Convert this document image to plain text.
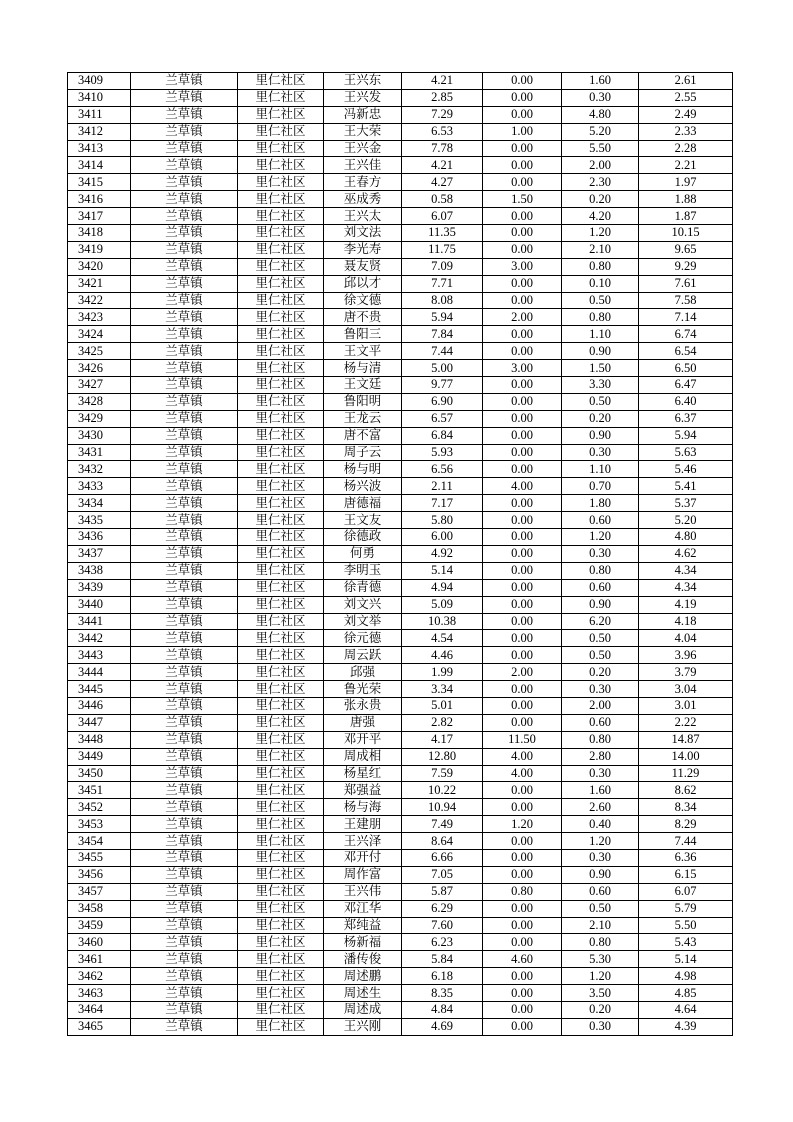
3409	兰草镇	里仁社区	王兴东	4.21	0.00	1.60	2.61
3410	兰草镇	里仁社区	王兴发	2.85	0.00	0.30	2.55
3411	兰草镇	里仁社区	冯新忠	7.29	0.00	4.80	2.49
3412	兰草镇	里仁社区	王大荣	6.53	1.00	5.20	2.33
3413	兰草镇	里仁社区	王兴金	7.78	0.00	5.50	2.28
3414	兰草镇	里仁社区	王兴佳	4.21	0.00	2.00	2.21
3415	兰草镇	里仁社区	王春方	4.27	0.00	2.30	1.97
3416	兰草镇	里仁社区	巫成秀	0.58	1.50	0.20	1.88
3417	兰草镇	里仁社区	王兴太	6.07	0.00	4.20	1.87
3418	兰草镇	里仁社区	刘文法	11.35	0.00	1.20	10.15
3419	兰草镇	里仁社区	李光寿	11.75	0.00	2.10	9.65
3420	兰草镇	里仁社区	聂友贤	7.09	3.00	0.80	9.29
3421	兰草镇	里仁社区	邱以才	7.71	0.00	0.10	7.61
3422	兰草镇	里仁社区	徐文德	8.08	0.00	0.50	7.58
3423	兰草镇	里仁社区	唐不贵	5.94	2.00	0.80	7.14
3424	兰草镇	里仁社区	鲁阳三	7.84	0.00	1.10	6.74
3425	兰草镇	里仁社区	王文平	7.44	0.00	0.90	6.54
3426	兰草镇	里仁社区	杨与清	5.00	3.00	1.50	6.50
3427	兰草镇	里仁社区	王文廷	9.77	0.00	3.30	6.47
3428	兰草镇	里仁社区	鲁阳明	6.90	0.00	0.50	6.40
3429	兰草镇	里仁社区	王龙云	6.57	0.00	0.20	6.37
3430	兰草镇	里仁社区	唐不富	6.84	0.00	0.90	5.94
3431	兰草镇	里仁社区	周子云	5.93	0.00	0.30	5.63
3432	兰草镇	里仁社区	杨与明	6.56	0.00	1.10	5.46
3433	兰草镇	里仁社区	杨兴波	2.11	4.00	0.70	5.41
3434	兰草镇	里仁社区	唐德福	7.17	0.00	1.80	5.37
3435	兰草镇	里仁社区	王文友	5.80	0.00	0.60	5.20
3436	兰草镇	里仁社区	徐德政	6.00	0.00	1.20	4.80
3437	兰草镇	里仁社区	何勇	4.92	0.00	0.30	4.62
3438	兰草镇	里仁社区	李明玉	5.14	0.00	0.80	4.34
3439	兰草镇	里仁社区	徐青德	4.94	0.00	0.60	4.34
3440	兰草镇	里仁社区	刘文兴	5.09	0.00	0.90	4.19
3441	兰草镇	里仁社区	刘文举	10.38	0.00	6.20	4.18
3442	兰草镇	里仁社区	徐元德	4.54	0.00	0.50	4.04
3443	兰草镇	里仁社区	周云跃	4.46	0.00	0.50	3.96
3444	兰草镇	里仁社区	邱强	1.99	2.00	0.20	3.79
3445	兰草镇	里仁社区	鲁光荣	3.34	0.00	0.30	3.04
3446	兰草镇	里仁社区	张永贵	5.01	0.00	2.00	3.01
3447	兰草镇	里仁社区	唐强	2.82	0.00	0.60	2.22
3448	兰草镇	里仁社区	邓开平	4.17	11.50	0.80	14.87
3449	兰草镇	里仁社区	周成相	12.80	4.00	2.80	14.00
3450	兰草镇	里仁社区	杨星红	7.59	4.00	0.30	11.29
3451	兰草镇	里仁社区	郑强益	10.22	0.00	1.60	8.62
3452	兰草镇	里仁社区	杨与海	10.94	0.00	2.60	8.34
3453	兰草镇	里仁社区	王建朋	7.49	1.20	0.40	8.29
3454	兰草镇	里仁社区	王兴泽	8.64	0.00	1.20	7.44
3455	兰草镇	里仁社区	邓开付	6.66	0.00	0.30	6.36
3456	兰草镇	里仁社区	周作富	7.05	0.00	0.90	6.15
3457	兰草镇	里仁社区	王兴伟	5.87	0.80	0.60	6.07
3458	兰草镇	里仁社区	邓江华	6.29	0.00	0.50	5.79
3459	兰草镇	里仁社区	郑纯益	7.60	0.00	2.10	5.50
3460	兰草镇	里仁社区	杨新福	6.23	0.00	0.80	5.43
3461	兰草镇	里仁社区	潘传俊	5.84	4.60	5.30	5.14
3462	兰草镇	里仁社区	周述鹏	6.18	0.00	1.20	4.98
3463	兰草镇	里仁社区	周述生	8.35	0.00	3.50	4.85
3464	兰草镇	里仁社区	周述成	4.84	0.00	0.20	4.64
3465	兰草镇	里仁社区	王兴刚	4.69	0.00	0.30	4.39
